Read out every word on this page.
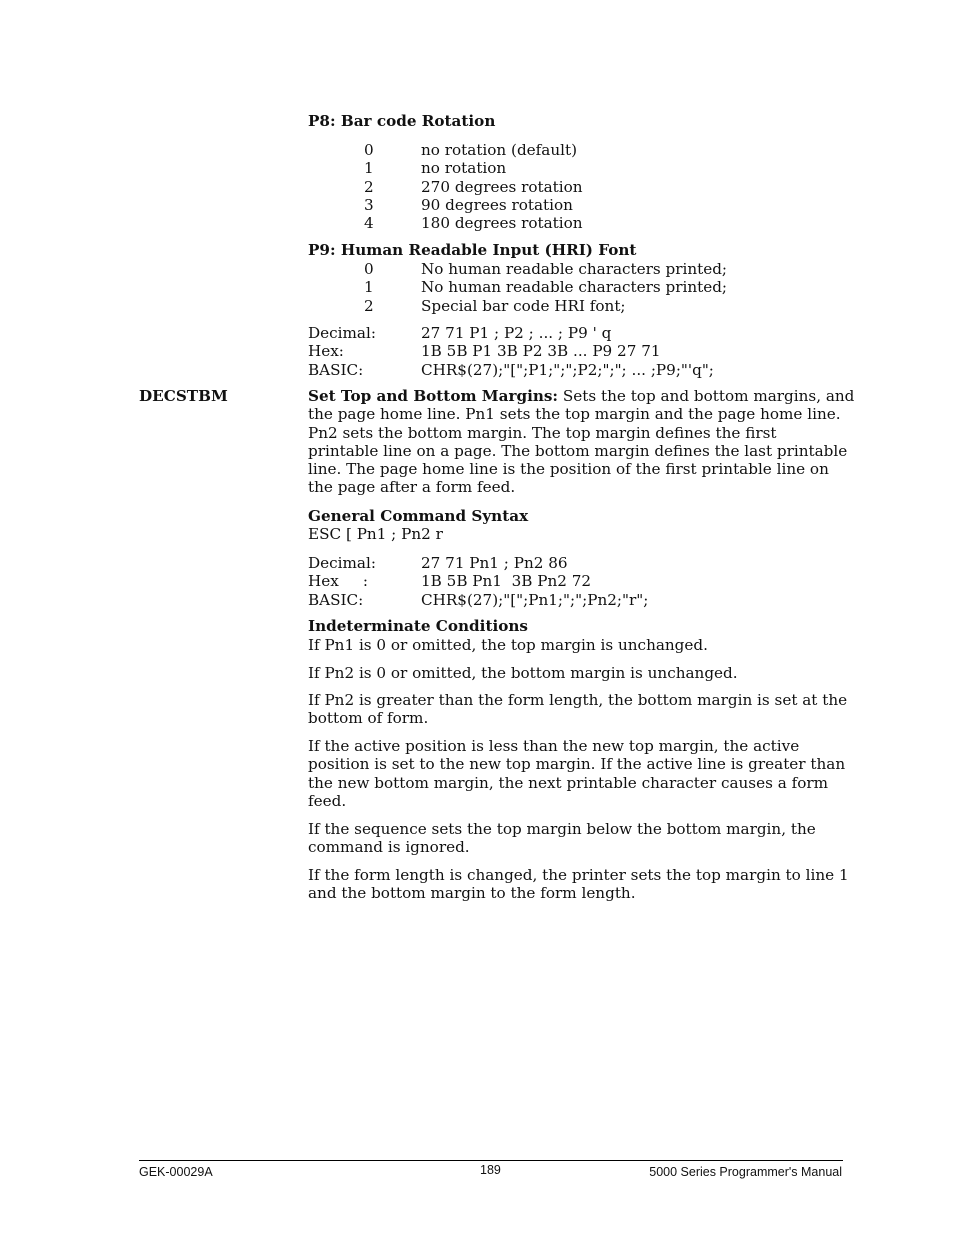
P8: Bar code Rotation
0	no rotation (default)
1	no rotation
2	270 degrees rotation
3	90 degrees rotation
4	180 degrees rotation
P9: Human Readable Input (HRI) Font
0	No human readable characters printed;
1	No human readable characters printed;
2	Special bar code HRI font;
Decimal:	27 71 P1 ; P2 ; ... ; P9 ' q
Hex:	1B 5B P1 3B P2 3B ... P9 27 71
BASIC:	CHR$(27);"[";P1;";";P2;";"; ... ;P9;"'q";
DECSTBM	Set Top and Bottom Margins: Sets the top and bottom margins, and
the page home line. Pn1 sets the top margin and the page home line.
Pn2 sets the bottom margin. The top margin defines the first
printable line on a page. The bottom margin defines the last printable
line. The page home line is the position of the first printable line on
the page after a form feed.
General Command Syntax
ESC [ Pn1 ; Pn2 r
Decimal:	27 71 Pn1 ; Pn2 86
Hex     :	1B 5B Pn1  3B Pn2 72
BASIC:	CHR$(27);"[";Pn1;";";Pn2;"r";
Indeterminate Conditions
If Pn1 is 0 or omitted, the top margin is unchanged.
If Pn2 is 0 or omitted, the bottom margin is unchanged.
If Pn2 is greater than the form length, the bottom margin is set at the
bottom of form.
If the active position is less than the new top margin, the active
position is set to the new top margin. If the active line is greater than
the new bottom margin, the next printable character causes a form
feed.
If the sequence sets the top margin below the bottom margin, the
command is ignored.
If the form length is changed, the printer sets the top margin to line 1
and the bottom margin to the form length.
GEK-00029A	189	5000 Series Programmer's Manual
